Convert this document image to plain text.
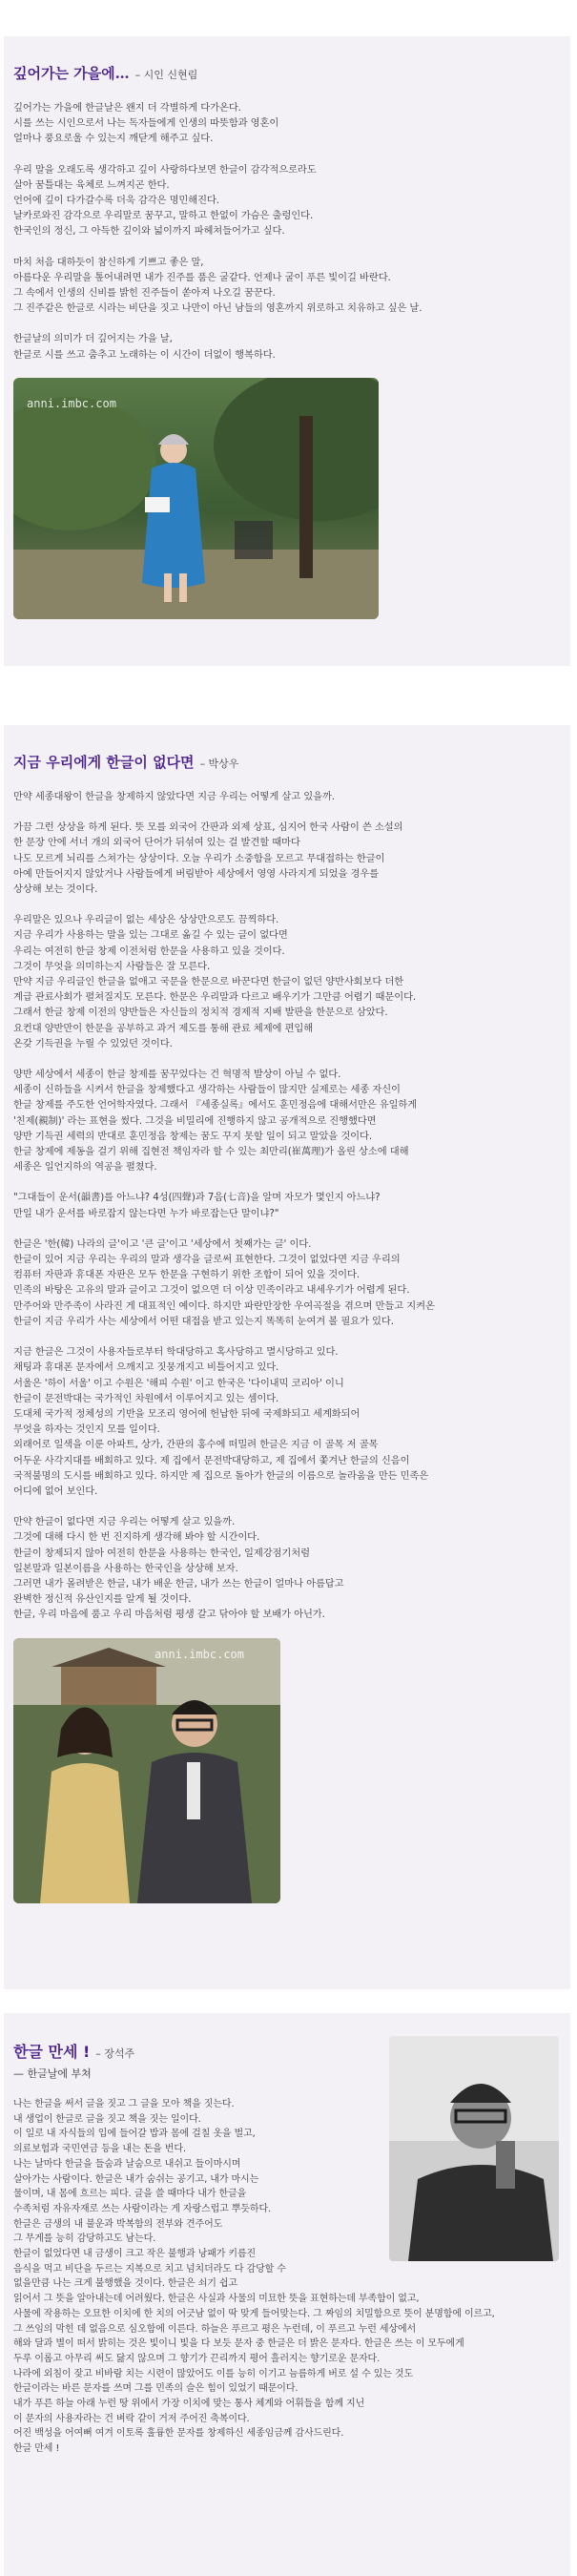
깊어가는 가을에… – 시인 신현림
깊어가는 가을에 한글날은 왠지 더 각별하게 다가온다.
시를 쓰는 시인으로서 나는 독자들에게 인생의 따뜻함과 영혼이
얼마나 풍요로울 수 있는지 깨닫게 해주고 싶다.
우리 말을 오래도록 생각하고 깊이 사랑하다보면 한글이 감각적으로라도
살아 꿈틀대는 육체로 느껴지곤 한다.
언어에 깊이 다가갈수록 더욱 감각은 명민해진다.
날카로와진 감각으로 우리말로 꿈꾸고, 말하고 한없이 가슴은 출렁인다.
한국인의 정신, 그 아득한 깊이와 넓이까지 파헤쳐들어가고 싶다.
마치 처음 대하듯이 참신하게 기쁘고 좋은 말,
아름다운 우리말을 톺어내려면 내가 진주를 품은 굴같다. 언제나 굴이 푸른 빛이길 바란다.
그 속에서 인생의 신비를 밝힌 진주들이 쏟아져 나오길 꿈꾼다.
그 진주같은 한글로 시라는 비단을 짓고 나만이 아닌 남들의 영혼까지 위로하고 치유하고 싶은 날.
한글날의 의미가 더 깊어지는 가을 날,
한글로 시를 쓰고 춤추고 노래하는 이 시간이 더없이 행복하다.
anni.imbc.com
지금 우리에게 한글이 없다면 – 박상우
만약 세종대왕이 한글을 창제하지 않았다면 지금 우리는 어떻게 살고 있을까.
가끔 그런 상상을 하게 된다. 뜻 모를 외국어 간판과 외제 상표, 심지어 한국 사람이 쓴 소설의
한 문장 안에 서너 개의 외국어 단어가 뒤섞여 있는 걸 발견할 때마다
나도 모르게 뇌리를 스쳐가는 상상이다. 오늘 우리가 소중함을 모르고 무대접하는 한글이
아예 만들어지지 않았거나 사람들에게 버림받아 세상에서 영영 사라지게 되었을 경우를
상상해 보는 것이다.
우리말은 있으나 우리글이 없는 세상은 상상만으로도 끔찍하다.
지금 우리가 사용하는 말을 있는 그대로 옮길 수 있는 글이 없다면
우리는 여전히 한글 창제 이전처럼 한문을 사용하고 있을 것이다.
그것이 무엇을 의미하는지 사람들은 잘 모른다.
만약 지금 우리글인 한글을 없애고 국문을 한문으로 바꾼다면 한글이 없던 양반사회보다 더한
계급 관료사회가 펼쳐질지도 모른다. 한문은 우리말과 다르고 배우기가 그만큼 어렵기 때문이다.
그래서 한글 창제 이전의 양반들은 자신들의 정치적 경제적 지배 발판을 한문으로 삼았다.
요컨대 양반만이 한문을 공부하고 과거 제도를 통해 관료 체제에 편입해
온갖 기득권을 누릴 수 있었던 것이다.
양반 세상에서 세종이 한글 창제를 꿈꾸었다는 건 혁명적 발상이 아닐 수 없다.
세종이 신하들을 시켜서 한글을 창제했다고 생각하는 사람들이 많지만 실제로는 세종 자신이
한글 창제를 주도한 언어학자였다. 그래서 『세종실록』에서도 훈민정음에 대해서만은 유일하게
'친제(親制)' 라는 표현을 썼다. 그것을 비밀리에 진행하지 않고 공개적으로 진행했다면
양반 기득권 세력의 반대로 훈민정음 창제는 꿈도 꾸지 못할 일이 되고 말았을 것이다.
한글 창제에 제동을 걸기 위해 집현전 책임자라 할 수 있는 최만리(崔萬理)가 올린 상소에 대해
세종은 일언지하의 역공을 펼쳤다.
"그대들이 운서(韻書)를 아느냐? 4성(四聲)과 7음(七音)을 알며 자모가 몇인지 아느냐?
만일 내가 운서를 바로잡지 않는다면 누가 바로잡는단 말이냐?"
한글은 '한(韓) 나라의 글'이고 '큰 글'이고 '세상에서 첫째가는 글' 이다.
한글이 있어 지금 우리는 우리의 말과 생각을 글로써 표현한다. 그것이 없었다면 지금 우리의
컴퓨터 자판과 휴대폰 자판은 모두 한문을 구현하기 위한 조합이 되어 있을 것이다.
민족의 바탕은 고유의 말과 글이고 그것이 없으면 더 이상 민족이라고 내세우기가 어렵게 된다.
만주어와 만주족이 사라진 게 대표적인 예이다. 하지만 파란만장한 우여곡절을 겪으며 만들고 지켜온
한글이 지금 우리가 사는 세상에서 어떤 대접을 받고 있는지 똑똑히 눈여겨 볼 필요가 있다.
지금 한글은 그것이 사용자들로부터 학대당하고 혹사당하고 멸시당하고 있다.
채팅과 휴대폰 문자에서 으깨지고 짓뭉개지고 비틀어지고 있다.
서울은 '하이 서울' 이고 수원은 '해피 수원' 이고 한국은 '다이내믹 코리아' 이니
한글이 문전박대는 국가적인 차원에서 이루어지고 있는 셈이다.
도대체 국가적 정체성의 기반을 모조리 영어에 헌납한 뒤에 국제화되고 세계화되어
무엇을 하자는 것인지 모를 일이다.
외래어로 일색을 이룬 아파트, 상가, 간판의 홍수에 떠밀려 한글은 지금 이 골목 저 골목
어두운 사각지대를 배회하고 있다. 제 집에서 문전박대당하고, 제 집에서 쫓겨난 한글의 신음이
국적불명의 도시를 배회하고 있다. 하지만 제 집으로 돌아가 한글의 이름으로 놀라움을 만든 민족은
어디에 없어 보인다.
만약 한글이 없다면 지금 우리는 어떻게 살고 있을까.
그것에 대해 다시 한 번 진지하게 생각해 봐야 할 시간이다.
한글이 창제되지 않아 여전히 한문을 사용하는 한국인, 일제강점기처럼
일본말과 일본이름을 사용하는 한국인을 상상해 보자.
그러면 내가 몰려받은 한글, 내가 배운 한글, 내가 쓰는 한글이 얼마나 아름답고
완벽한 정신적 유산인지를 알게 될 것이다.
한글, 우리 마음에 품고 우리 마음처럼 평생 갈고 닦아야 할 보배가 아닌가.
anni.imbc.com
한글 만세 ! – 장석주
— 한글날에 부쳐
나는 한글을 써서 글을 짓고 그 글을 모아 책을 짓는다.
내 생업이 한글로 글을 짓고 책을 짓는 일이다.
이 일로 내 자식들의 입에 들어갈 밥과 몸에 걸칠 옷을 벌고,
의료보험과 국민연금 등을 내는 돈을 번다.
나는 날마다 한글을 들숨과 날숨으로 내쉬고 들이마시며
살아가는 사람이다. 한글은 내가 숨쉬는 공기고, 내가 마시는
물이며, 내 몸에 흐르는 피다. 글을 쓸 때마다 내가 한글을
수족처럼 자유자재로 쓰는 사람이라는 게 자랑스럽고 뿌듯하다.
한글은 금생의 내 불운과 박복함의 전부와 견주어도
그 무게를 능히 감당하고도 남는다.
한글이 없었다면 내 금생이 크고 작은 불행과 낭패가 키름진
음식을 먹고 비단을 두르는 지복으로 치고 넘치더라도 다 감당할 수
없을만큼 나는 크게 불행했을 것이다. 한글은 쇠기 쉽고
읽어서 그 뜻을 알아내는데 어려웠다. 한글은 사실과 사물의 미묘한 뜻을 표현하는데 부족함이 없고,
사물에 작용하는 오묘한 이치에 한 치의 어긋남 없이 딱 맞게 들어맞는다. 그 짜임의 치밀함으로 뜻이 분명함에 이르고,
그 쓰임의 막힌 데 없음으로 심오함에 이른다. 하늘은 푸르고 평은 누런데, 이 푸르고 누런 세상에서
해와 달과 별이 떠서 밝히는 것은 빛이니 빛을 다 보듯 문자 중 한글은 더 밝은 문자다. 한글은 쓰는 이 모두에게
두루 이롭고 아무리 써도 닳지 않으며 그 향기가 끈리까지 평어 흘러지는 향기로운 문자다.
나라에 외침이 잦고 비바람 치는 시련이 많았어도 이를 능히 이기고 늠름하게 버로 설 수 있는 것도
한글이라는 바른 문자를 쓰며 그를 민족의 슬은 힘이 있었기 때문이다.
내가 푸른 하늘 아래 누런 땅 위에서 가장 이치에 맞는 통사 체계와 어휘들을 함께 지닌
이 문자의 사용자라는 건 벼락 같이 거저 주어진 축복이다.
어진 백성을 어여뻐 여겨 이토록 훌륭한 문자를 창제하신 세종임금께 감사드린다.
한글 만세 !
